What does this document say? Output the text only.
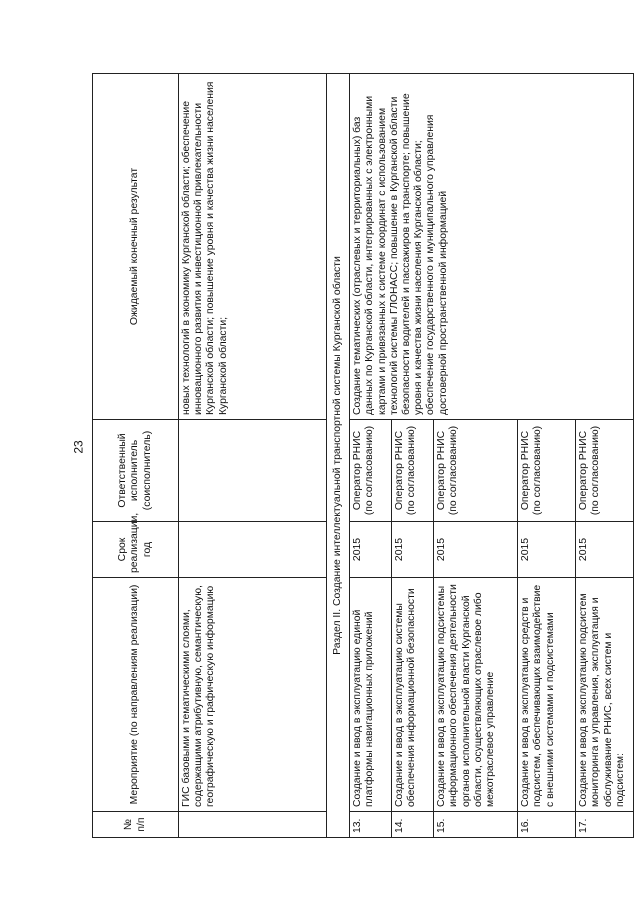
23
№ п/п	Мероприятие (по направлениям реализации)	Срок реализации, год	Ответственный исполнитель (соисполнитель)	Ожидаемый конечный результат
	ГИС базовыми и тематическими слоями, содержащими атрибутивную, семантическую, географическую и графическую информацию			новых технологий в экономику Курганской области; обеспечение инновационного развития и инвестиционной привлекательности Курганской области; повышение уровня и качества жизни населения Курганской области;
Раздел II. Создание интеллектуальной транспортной системы Курганской области				
13.	Создание и ввод в эксплуатацию единой платформы навигационных приложений	2015	Оператор РНИС (по согласованию)	Создание тематических (отраслевых и территориальных) баз данных по Курганской области, интегрированных с электронными картами и привязанных к системе координат с использованием технологий системы ГЛОНАСС; повышение в Курганской области безопасности водителей и пассажиров на транспорте; повышение уровня и качества жизни населения Курганской области; обеспечение государственного и муниципального управления достоверной пространственной информацией
14.	Создание и ввод в эксплуатацию системы обеспечения информационной безопасности	2015	Оператор РНИС (по согласованию)	
15.	Создание и ввод в эксплуатацию подсистемы информационного обеспечения деятельности органов исполнительной власти Курганской области, осуществляющих отраслевое либо межотраслевое управление	2015	Оператор РНИС (по согласованию)	
16.	Создание и ввод в эксплуатацию средств и подсистем, обеспечивающих взаимодействие с внешними системами и подсистемами	2015	Оператор РНИС (по согласованию)	
17.	Создание и ввод в эксплуатацию подсистем мониторинга и управления, эксплуатация и обслуживание РНИС, всех систем и подсистем:	2015	Оператор РНИС (по согласованию)	
